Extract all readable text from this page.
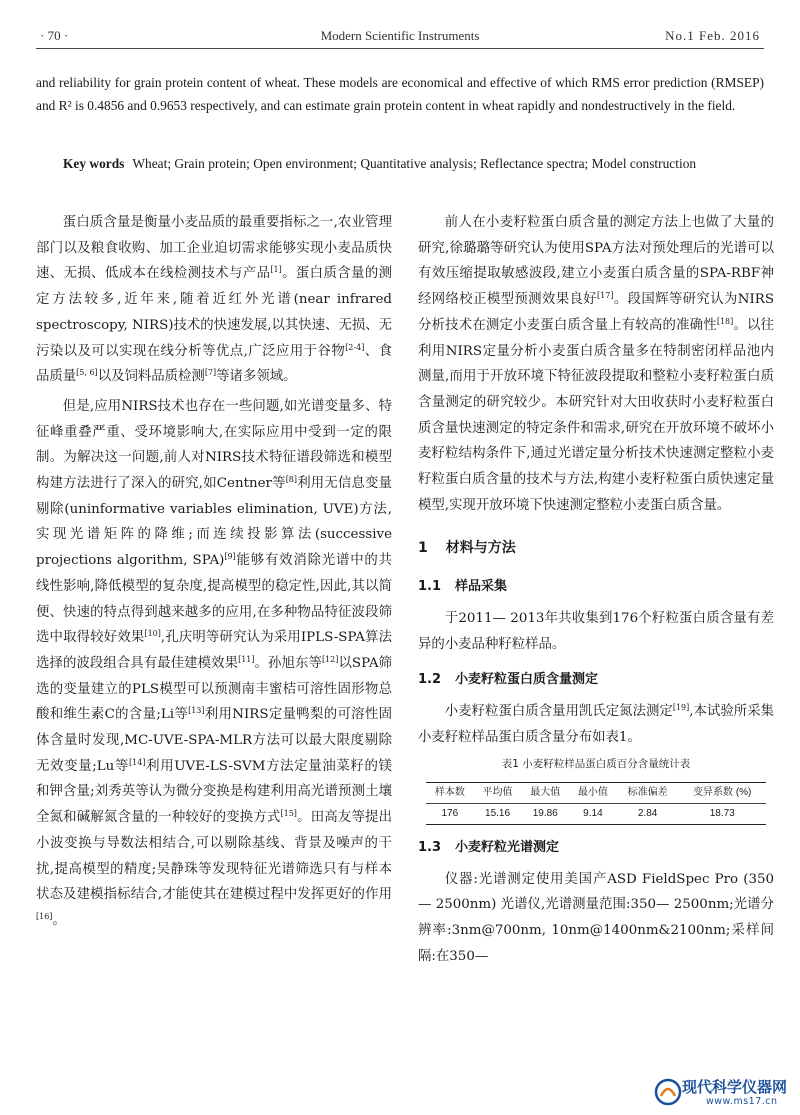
· 70 ·	Modern Scientific Instruments	No.1 Feb. 2016

and reliability for grain protein content of wheat. These models are economical and effective of which RMS error prediction (RMSEP) and R² is 0.4856 and 0.9653 respectively, and can estimate grain protein content in wheat rapidly and nondestructively in the field.

Key words Wheat; Grain protein; Open environment; Quantitative analysis; Reflectance spectra; Model construction

蛋白质含量是衡量小麦品质的最重要指标之一,农业管理部门以及粮食收购、加工企业迫切需求能够实现小麦品质快速、无损、低成本在线检测技术与产品[1]。蛋白质含量的测定方法较多,近年来,随着近红外光谱(near infrared spectroscopy, NIRS)技术的快速发展,以其快速、无损、无污染以及可以实现在线分析等优点,广泛应用于谷物[2-4]、食品质量[5, 6]以及饲料品质检测[7]等诸多领域。

但是,应用NIRS技术也存在一些问题,如光谱变量多、特征峰重叠严重、受环境影响大,在实际应用中受到一定的限制。为解决这一问题,前人对NIRS技术特征谱段筛选和模型构建方法进行了深入的研究,如Centner等[8]利用无信息变量剔除(uninformative variables elimination, UVE)方法,实现光谱矩阵的降维;而连续投影算法(successive projections algorithm, SPA)[9]能够有效消除光谱中的共线性影响,降低模型的复杂度,提高模型的稳定性,因此,其以简便、快速的特点得到越来越多的应用,在多种物品特征波段筛选中取得较好效果[10],孔庆明等研究认为采用IPLS-SPA算法选择的波段组合具有最佳建模效果[11]。孙旭东等[12]以SPA筛选的变量建立的PLS模型可以预测南丰蜜桔可溶性固形物总酸和维生素C的含量;Li等[13]利用NIRS定量鸭梨的可溶性固体含量时发现,MC-UVE-SPA-MLR方法可以最大限度剔除无效变量;Lu等[14]利用UVE-LS-SVM方法定量油菜籽的镁和钾含量;刘秀英等认为微分变换是构建利用高光谱预测土壤全氮和碱解氮含量的一种较好的变换方式[15]。田高友等提出小波变换与导数法相结合,可以剔除基线、背景及噪声的干扰,提高模型的精度;吴静珠等发现特征光谱筛选只有与样本状态及建模指标结合,才能使其在建模过程中发挥更好的作用[16]。

前人在小麦籽粒蛋白质含量的测定方法上也做了大量的研究,徐璐璐等研究认为使用SPA方法对预处理后的光谱可以有效压缩提取敏感波段,建立小麦蛋白质含量的SPA-RBF神经网络校正模型预测效果良好[17]。段国辉等研究认为NIRS分析技术在测定小麦蛋白质含量上有较高的准确性[18]。以往利用NIRS定量分析小麦蛋白质含量多在特制密闭样品池内测量,而用于开放环境下特征波段提取和整粒小麦籽粒蛋白质含量测定的研究较少。本研究针对大田收获时小麦籽粒蛋白质含量快速测定的特定条件和需求,研究在开放环境不破坏小麦籽粒结构条件下,通过光谱定量分析技术快速测定整粒小麦籽粒蛋白质含量的技术与方法,构建小麦籽粒蛋白质快速定量模型,实现开放环境下快速测定整粒小麦蛋白质含量。

1 材料与方法
1.1 样品采集

于2011— 2013年共收集到176个籽粒蛋白质含量有差异的小麦品种籽粒样品。

1.2 小麦籽粒蛋白质含量测定

小麦籽粒蛋白质含量用凯氏定氮法测定[19],本试验所采集小麦籽粒样品蛋白质含量分布如表1。

表1 小麦籽粒样品蛋白质百分含量统计表
样本数	平均值	最大值	最小值	标准偏差	变异系数 (%)
176	15.16	19.86	9.14	2.84	18.73
1.3 小麦籽粒光谱测定

仪器:光谱测定使用美国产ASD FieldSpec Pro (350— 2500nm) 光谱仪,光谱测量范围:350— 2500nm;光谱分辨率:3nm@700nm, 10nm@1400nm&2100nm;采样间隔:在350—

现代科学仪器网
www.ms17.cn
